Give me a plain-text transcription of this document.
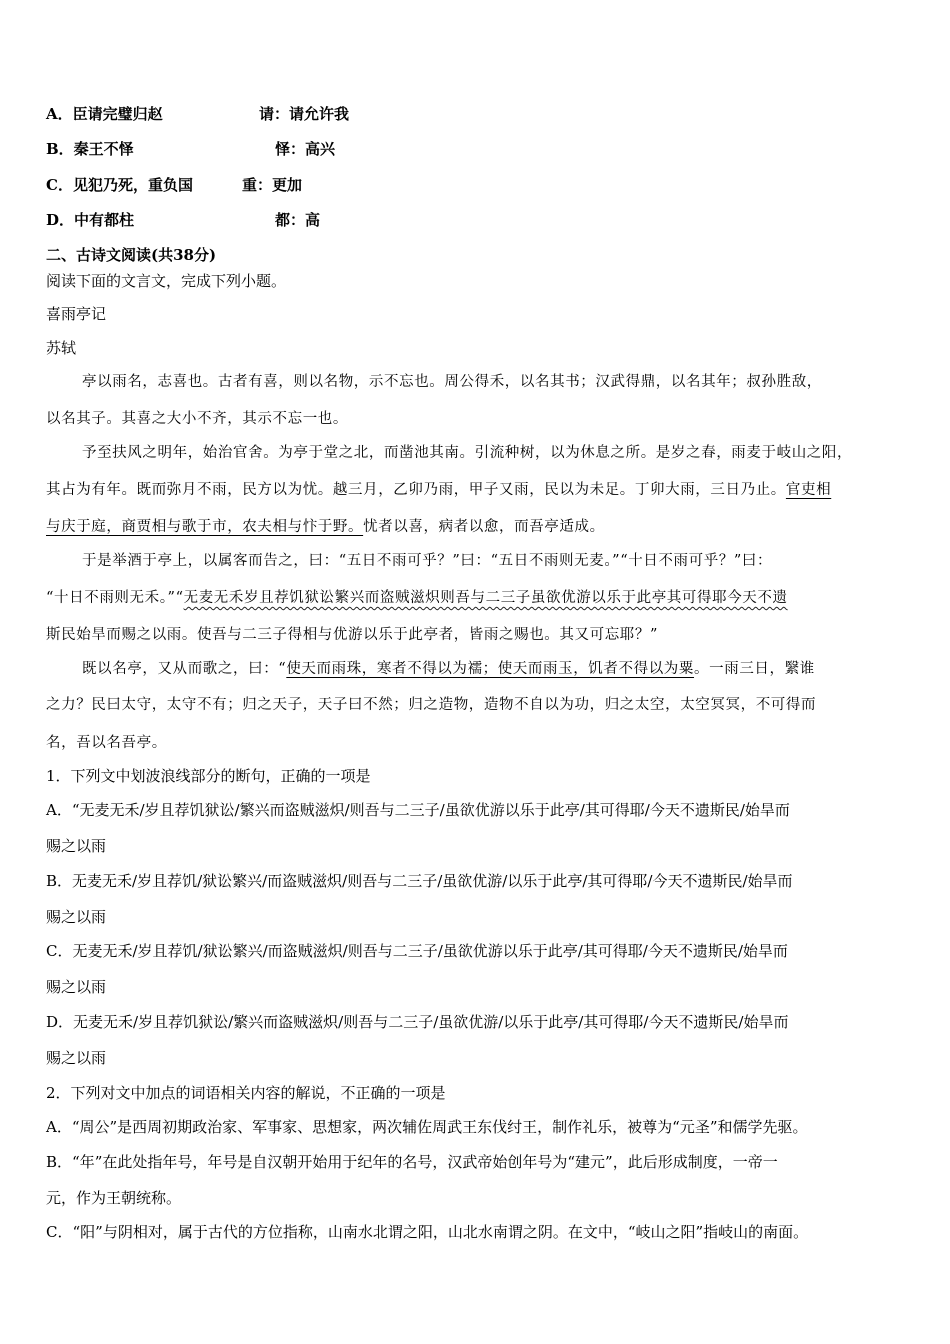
A．臣请完璧归赵	请：请允许我
B．秦王不怿	怿：高兴
C．见犯乃死，重负国	重：更加
D．中有都柱	都：高
二、古诗文阅读(共38分)
阅读下面的文言文，完成下列小题。
喜雨亭记
苏轼
亭以雨名，志喜也。古者有喜，则以名物，示不忘也。周公得禾，以名其书；汉武得鼎，以名其年；叔孙胜敌，
以名其子。其喜之大小不齐，其示不忘一也。
予至扶风之明年，始治官舍。为亭于堂之北，而凿池其南。引流种树，以为休息之所。是岁之春，雨麦于岐山之阳，
其占为有年。既而弥月不雨，民方以为忧。越三月，乙卯乃雨，甲子又雨，民以为未足。丁卯大雨，三日乃止。官吏相
与庆于庭，商贾相与歌于市，农夫相与忭于野。忧者以喜，病者以愈，而吾亭适成。
于是举酒于亭上，以属客而告之，曰：“五日不雨可乎？”曰：“五日不雨则无麦。”“十日不雨可乎？”曰：
“十日不雨则无禾。”“无麦无禾岁且荐饥狱讼繁兴而盗贼滋炽则吾与二三子虽欲优游以乐于此亭其可得耶今天不遗
斯民始旱而赐之以雨。使吾与二三子得相与优游以乐于此亭者，皆雨之赐也。其又可忘耶？”
既以名亭，又从而歌之，曰：“使天而雨珠，寒者不得以为襦；使天而雨玉，饥者不得以为粟。一雨三日，繄谁
之力？民曰太守，太守不有；归之天子，天子曰不然；归之造物，造物不自以为功，归之太空，太空冥冥，不可得而
名，吾以名吾亭。
1．下列文中划波浪线部分的断句，正确的一项是
A．“无麦无禾/岁且荐饥狱讼/繁兴而盗贼滋炽/则吾与二三子/虽欲优游以乐于此亭/其可得耶/今天不遗斯民/始旱而
赐之以雨
B．无麦无禾/岁且荐饥/狱讼繁兴/而盗贼滋炽/则吾与二三子/虽欲优游/以乐于此亭/其可得耶/今天不遗斯民/始旱而
赐之以雨
C．无麦无禾/岁且荐饥/狱讼繁兴/而盗贼滋炽/则吾与二三子/虽欲优游以乐于此亭/其可得耶/今天不遗斯民/始旱而
赐之以雨
D．无麦无禾/岁且荐饥狱讼/繁兴而盗贼滋炽/则吾与二三子/虽欲优游/以乐于此亭/其可得耶/今天不遗斯民/始旱而
赐之以雨
2．下列对文中加点的词语相关内容的解说，不正确的一项是
A．“周公”是西周初期政治家、军事家、思想家，两次辅佐周武王东伐纣王，制作礼乐，被尊为“元圣”和儒学先驱。
B．“年”在此处指年号，年号是自汉朝开始用于纪年的名号，汉武帝始创年号为“建元”，此后形成制度，一帝一
元，作为王朝统称。
C．“阳”与阴相对，属于古代的方位指称，山南水北谓之阳，山北水南谓之阴。在文中，“岐山之阳”指岐山的南面。
